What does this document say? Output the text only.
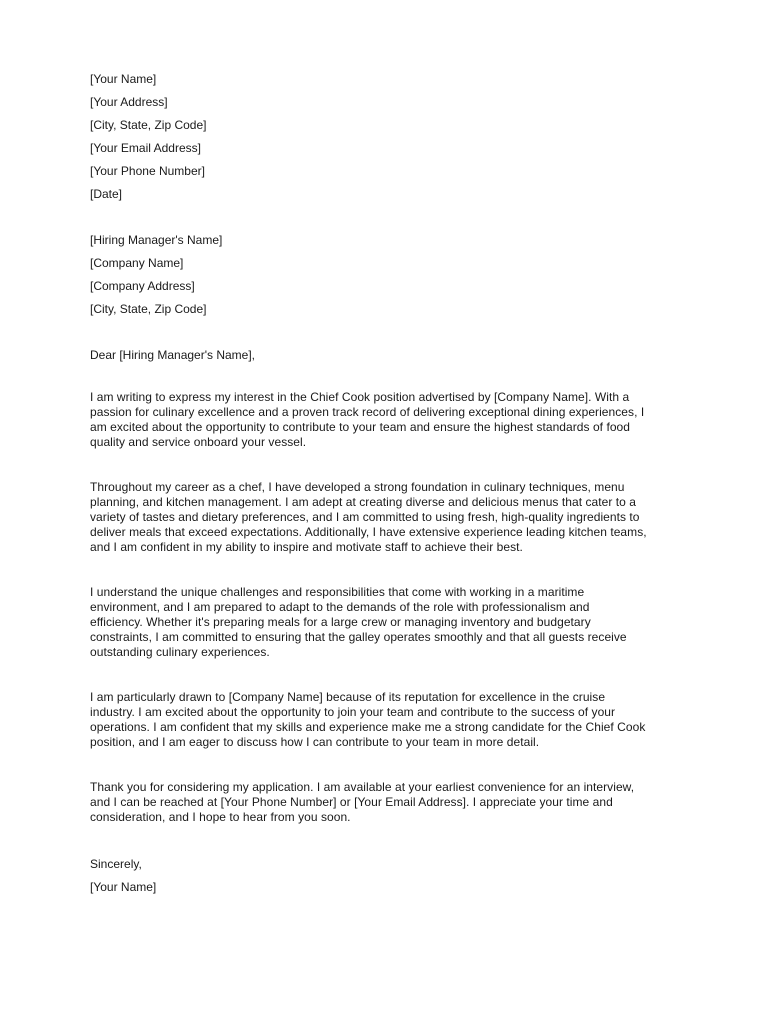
[Your Name]
[Your Address]
[City, State, Zip Code]
[Your Email Address]
[Your Phone Number]
[Date]
[Hiring Manager's Name]
[Company Name]
[Company Address]
[City, State, Zip Code]
Dear [Hiring Manager's Name],
I am writing to express my interest in the Chief Cook position advertised by [Company Name]. With a
passion for culinary excellence and a proven track record of delivering exceptional dining experiences, I
am excited about the opportunity to contribute to your team and ensure the highest standards of food
quality and service onboard your vessel.
Throughout my career as a chef, I have developed a strong foundation in culinary techniques, menu
planning, and kitchen management. I am adept at creating diverse and delicious menus that cater to a
variety of tastes and dietary preferences, and I am committed to using fresh, high-quality ingredients to
deliver meals that exceed expectations. Additionally, I have extensive experience leading kitchen teams,
and I am confident in my ability to inspire and motivate staff to achieve their best.
I understand the unique challenges and responsibilities that come with working in a maritime
environment, and I am prepared to adapt to the demands of the role with professionalism and
efficiency. Whether it's preparing meals for a large crew or managing inventory and budgetary
constraints, I am committed to ensuring that the galley operates smoothly and that all guests receive
outstanding culinary experiences.
I am particularly drawn to [Company Name] because of its reputation for excellence in the cruise
industry. I am excited about the opportunity to join your team and contribute to the success of your
operations. I am confident that my skills and experience make me a strong candidate for the Chief Cook
position, and I am eager to discuss how I can contribute to your team in more detail.
Thank you for considering my application. I am available at your earliest convenience for an interview,
and I can be reached at [Your Phone Number] or [Your Email Address]. I appreciate your time and
consideration, and I hope to hear from you soon.
Sincerely,
[Your Name]
